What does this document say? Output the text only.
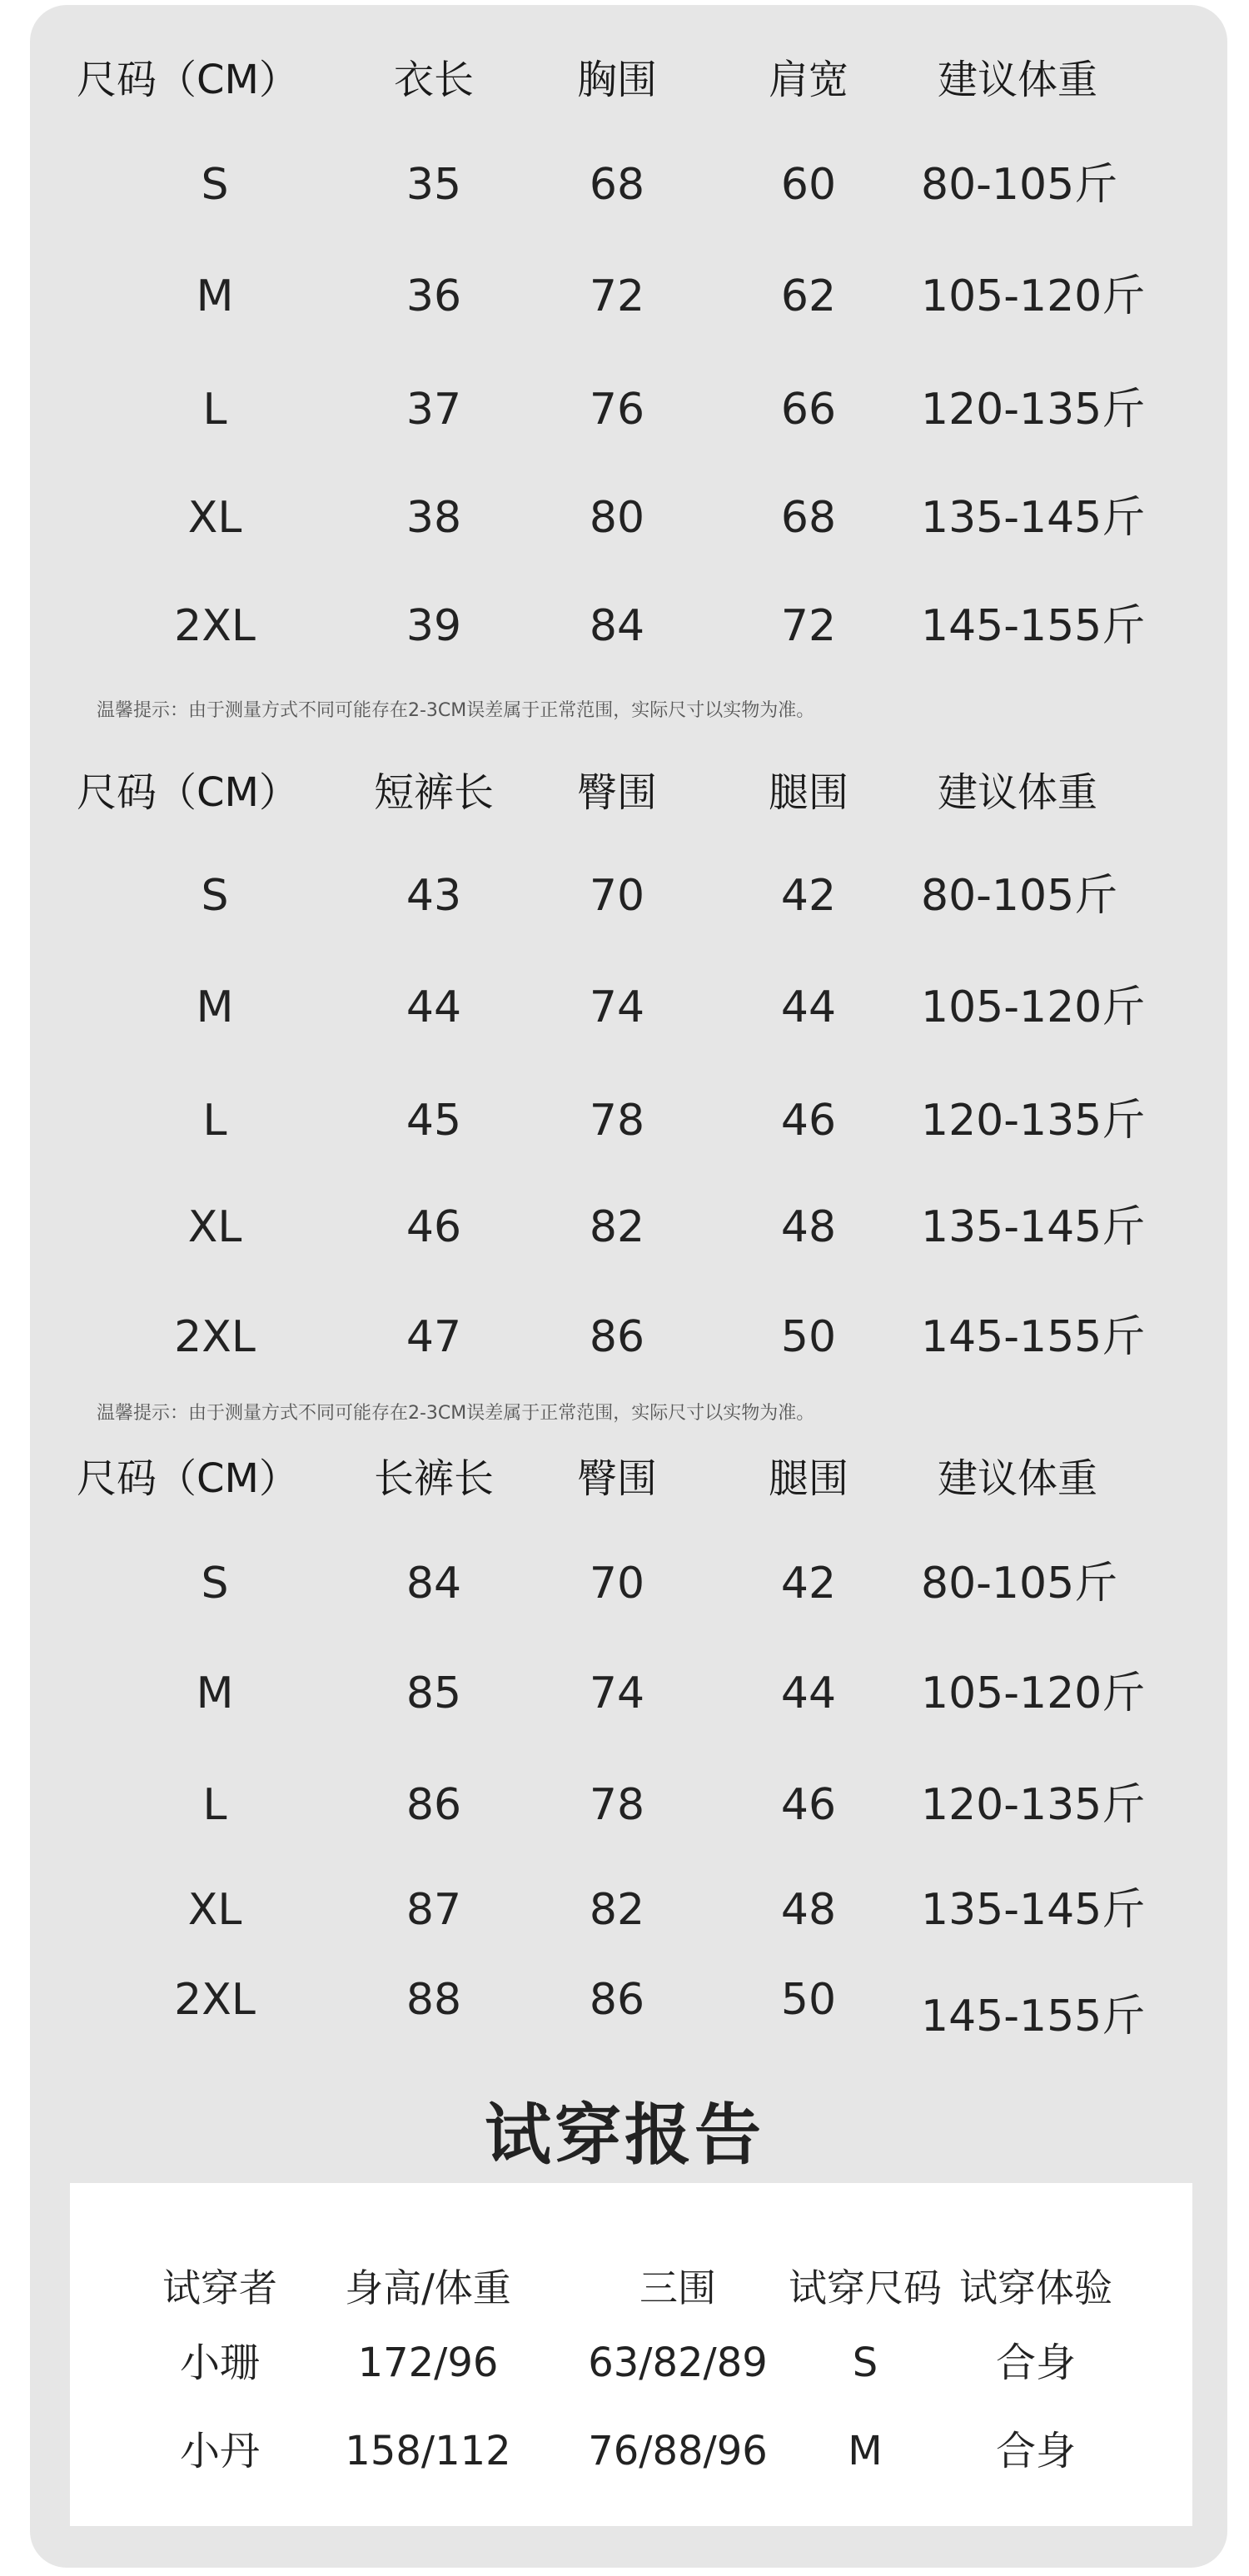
尺码（CM）	衣长	胸围	肩宽	建议体重
S	35	68	60	80-105斤
M	36	72	62	105-120斤
L	37	76	66	120-135斤
XL	38	80	68	135-145斤
2XL	39	84	72	145-155斤
温馨提示：由于测量方式不同可能存在2-3CM误差属于正常范围，实际尺寸以实物为准。
尺码（CM）	短裤长	臀围	腿围	建议体重
S	43	70	42	80-105斤
M	44	74	44	105-120斤
L	45	78	46	120-135斤
XL	46	82	48	135-145斤
2XL	47	86	50	145-155斤
温馨提示：由于测量方式不同可能存在2-3CM误差属于正常范围，实际尺寸以实物为准。
尺码（CM）	长裤长	臀围	腿围	建议体重
S	84	70	42	80-105斤
M	85	74	44	105-120斤
L	86	78	46	120-135斤
XL	87	82	48	135-145斤
2XL	88	86	50	145-155斤
试穿报告
试穿者	身高/体重	三围	试穿尺码 试穿体验
小珊	172/96	63/82/89	S	合身
小丹	158/112	76/88/96	M	合身
